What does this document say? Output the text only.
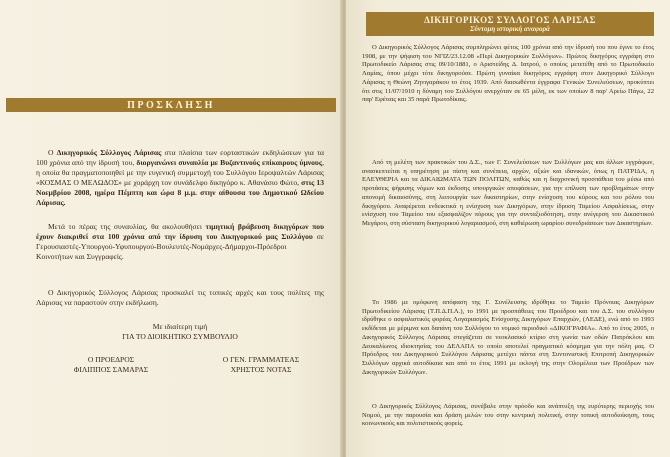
ΠΡΟΣΚΛΗΣΗ
Ο Δικηγορικός Σύλλογος Λάρισας στα πλαίσια των εορταστικών εκδηλώσεων για τα 100 χρόνια από την ίδρυσή του, διοργανώνει συναυλία με Βυζαντινούς επίκαιρους ύμνους, η οποία θα πραγματοποιηθεί με την ευγενική συμμετοχή του Συλλόγου Ιεροψαλτών Λάρισας «ΚΟΣΜΑΣ Ο ΜΕΛΩΔΟΣ» με χοράρχη τον συνάδελφο δικηγόρο κ. Αθανάσιο Φώτο, στις 13 Νοεμβρίου 2008, ημέρα Πέμπτη και ώρα 8 μ.μ. στην αίθουσα του Δημοτικού Ωδείου Λάρισας.
Μετά το πέρας της συναυλίας, θα ακολουθήσει τιμητική βράβευση δικηγόρων που έχουν διακριθεί στα 100 χρόνια από την ίδρυση του Δικηγορικού μας Συλλόγου σε Γερουσιαστές-Υπουργού-Υφυπουργού-Βουλευτές-Νομάρχες-Δήμαρχοι-Πρόεδροι Κοινοτήτων και Συγγραφείς.
Ο Δικηγορικός Σύλλογος Λάρισας προσκαλεί τις τοπικές αρχές και τους πολίτες της Λάρισας να παραστούν στην εκδήλωση.
Με ιδιαίτερη τιμή
ΓΙΑ ΤΟ ΔΙΟΙΚΗΤΙΚΟ ΣΥΜΒΟΥΛΙΟ
Ο ΠΡΟΕΔΡΟΣ
ΦΙΛΙΠΠΟΣ ΣΑΜΑΡΑΣ
Ο ΓΕΝ. ΓΡΑΜΜΑΤΕΑΣ
ΧΡΗΣΤΟΣ ΝΟΤΑΣ
ΔΙΚΗΓΟΡΙΚΟΣ ΣΥΛΛΟΓΟΣ ΛΑΡΙΣΑΣ
Σύντομη ιστορική αναφορά
Ο Δικηγορικός Σύλλογος Λάρισας συμπληρώνει φέτος 100 χρόνια από την ίδρυσή του που έγινε το έτος 1908, με την ψήφιση του ΝΓΙΖ/23.12.08 «Περί Δικηγορικών Συλλόγων». Πρώτος δικηγόρος εγγράφη στο Πρωτοδικείο Λάρισας στις 09/10/1881, ο Αριστείδης Δ. Ιατρού, ο οποίος μετετέθη από το Πρωτοδικείο Λαμίας, όπου μέχρι τότε δικηγορούσε. Πρώτη γυναίκα δικηγόρος εγγράφη στον Δικηγορικό Σύλλογο Λάρισας η Θεώνη Ζηνιγαράκου το έτος 1939. Από διασωθέντα έγγραφα Γενικών Συνελεύσεων, προκύπτει ότι στις 11/07/1910 η δύναμη του Συλλόγου ανερχόταν σε 65 μέλη, εκ των οποίων 8 παρ' Αρείω Πάγω, 22 παρ' Εφέταις και 35 παρά Πρωτοδίκαις.
Από τη μελέτη των πρακτικών του Δ.Σ., των Γ. Συνελεύσεων των Συλλόγων μας και άλλων εγγράφων, ανασκεπτείται η υπηρέτηση με πίστη και συνέπεια, αρχών, αξιών και ιδανικών, όπως η ΠΑΤΡΙΔΑ, η ΕΛΕΥΘΕΡΙΑ και τα ΔΙΚΑΙΩΜΑΤΑ ΤΩΝ ΠΟΛΙΤΩΝ, καθώς και η διαχρονική προσπάθεια του μέσω από προτάσεις ψήφισης νόμων και έκδοσης υπουργικών αποφάσεων, για την επίλυση των προβλημάτων στην απονομή δικαιοσύνης, στη λειτουργία των δικαστηρίων, στην ενίσχυση του κύρους και του ρόλου του δικηγόρου. Αναφέρεται ενδεικτικά η ενίσχυση των Δικηγόρων, στην ίδρυση Ταμείου Ασφαλίσεως, στην ενίσχυση του Ταμείου του εξασφαλίζον πόρους για την συνταξιοδότηση, στην ανέγερση του Δικαστικού Μεγάρου, στη σύσταση δικηγορικού λογαριασμού, στη καθιέρωση ωραρίου συνεδριάσεων των Δικαστηρίων.
Το 1986 με ομόφωνη απόφαση της Γ. Συνέλευσης ιδρύθηκε το Ταμείο Πρόνοιας Δικηγόρων Πρωτοδικείου Λάρισας (Τ.Π.Δ.Π.Λ.), το 1991 με προσπάθειες του Προέδρου και του Δ.Σ. του συλλόγου ιδρύθηκε ο ασφαλιστικός φορέας Λογαριασμός Ενίσχυσης Δικηγόρων Επαρχιών, (ΛΕΔΕ), ενώ από το 1993 εκδίδεται με μέριμνα και δαπάνη του Συλλόγου το νομικό περιοδικό «ΔΙΚΟΓΡΑΦΙΑ». Από το έτος 2005, ο Δικηγορικός Σύλλογος Λάρισας στεγάζεται σε νεοκλασικό κτίριο στη γωνία των οδών Πατρόκλου και Δευκαλίωνος ιδιοκτησίας του ΔΕΛΑΠΑ το οποίο αποτελεί πραγματικό κόσμημα για την πόλη μας. Ο Πρόεδρος του Δικηγορικού Συλλόγου Λάρισας μετέχει πάντα στη Συντονιστική Επιτροπή Δικηγορικών Συλλόγων αρχικά αυτοδίκαια και από το έτος 1991 με εκλογή της στην Ολομέλεια των Προέδρων των Δικηγορικών Συλλόγων.
Ο Δικηγορικός Σύλλογος Λάρισας, συνέβαλε στην πρόοδο και ανάπτυξη της ευρύτερης περιοχής του Νομού, με την παρουσία και δράση μελών του στην κεντρική πολιτική, στην τοπική αυτοδιοίκηση, τους κοινωνικούς και πολιτιστικούς φορείς.
